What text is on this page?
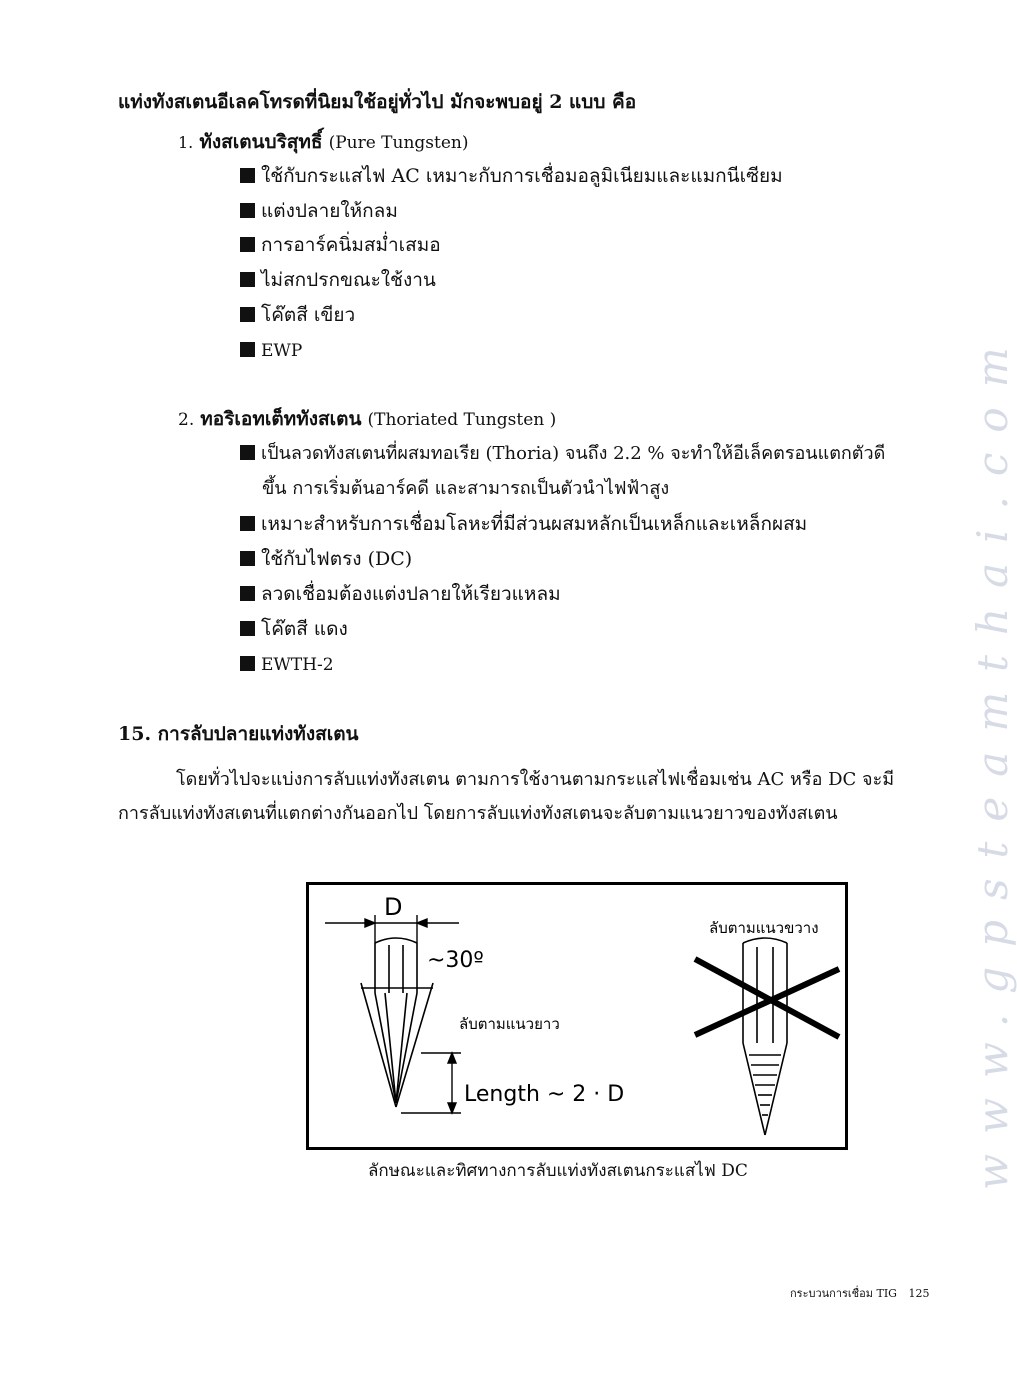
www.gpsteamthai.com
แท่งทังสเตนอีเลคโทรดที่นิยมใช้อยู่ทั่วไป มักจะพบอยู่ 2 แบบ คือ
1. ทังสเตนบริสุทธิ์ (Pure Tungsten)
ใช้กับกระแสไฟ AC เหมาะกับการเชื่อมอลูมิเนียมและแมกนีเซียม
แต่งปลายให้กลม
การอาร์คนิ่มสม่ำเสมอ
ไม่สกปรกขณะใช้งาน
โค๊ตสี เขียว
EWP
2. ทอริเอทเต็ททังสเตน (Thoriated Tungsten )
เป็นลวดทังสเตนที่ผสมทอเรีย (Thoria) จนถึง 2.2 % จะทำให้อีเล็คตรอนแตกตัวดี
ขึ้น การเริ่มต้นอาร์คดี และสามารถเป็นตัวนำไฟฟ้าสูง
เหมาะสำหรับการเชื่อมโลหะที่มีส่วนผสมหลักเป็นเหล็กและเหล็กผสม
ใช้กับไฟตรง (DC)
ลวดเชื่อมต้องแต่งปลายให้เรียวแหลม
โค๊ตสี แดง
EWTH-2
15. การลับปลายแท่งทังสเตน
โดยทั่วไปจะแบ่งการลับแท่งทังสเตน ตามการใช้งานตามกระแสไฟเชื่อมเช่น AC หรือ DC จะมี
การลับแท่งทังสเตนที่แตกต่างกันออกไป โดยการลับแท่งทังสเตนจะลับตามแนวยาวของทังสเตน
D
~30º
ลับตามแนวยาว
Length ~ 2 · D
ลับตามแนวขวาง
ลักษณะและทิศทางการลับแท่งทังสเตนกระแสไฟ DC
กระบวนการเชื่อม TIG 125
